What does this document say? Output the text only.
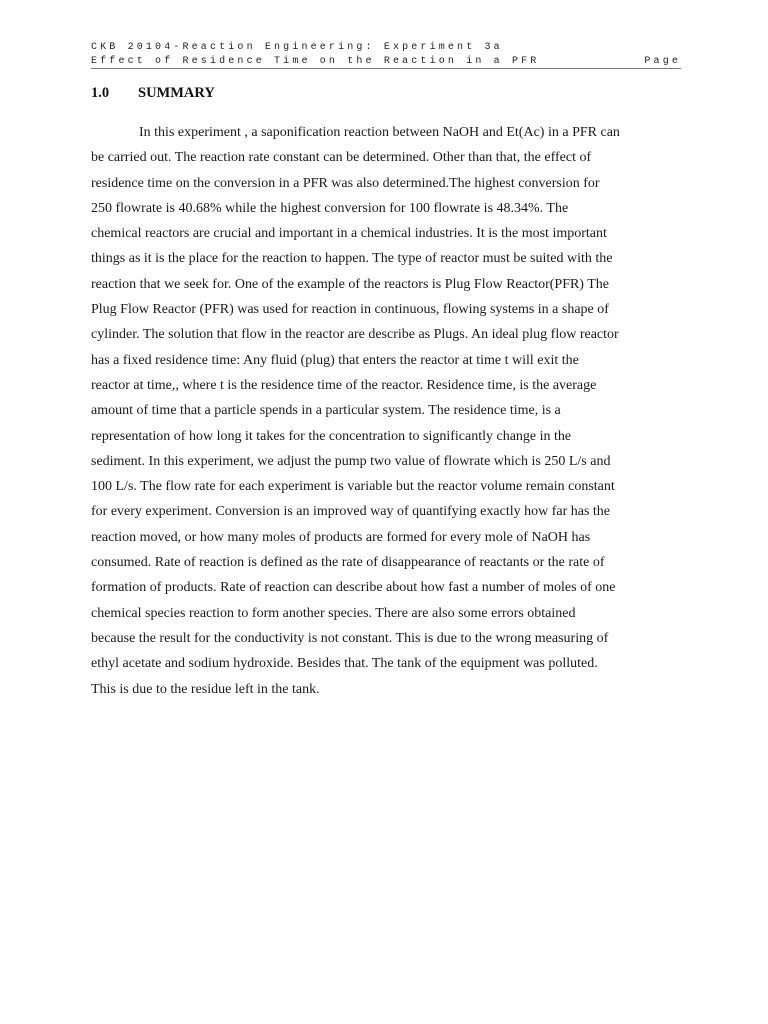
CKB 20104-Reaction Engineering: Experiment 3a
Effect of Residence Time on the Reaction in a PFR	Page
1.0 SUMMARY
In this experiment , a saponification reaction between NaOH and Et(Ac) in a PFR can
be carried out. The reaction rate constant can be determined. Other than that, the effect of
residence time on the conversion in a PFR was also determined.The highest conversion for
250 flowrate is 40.68% while the highest conversion for 100 flowrate is 48.34%. The
chemical reactors are crucial and important in a chemical industries. It is the most important
things as it is the place for the reaction to happen. The type of reactor must be suited with the
reaction that we seek for. One of the example of the reactors is Plug Flow Reactor(PFR) The
Plug Flow Reactor (PFR) was used for reaction in continuous, flowing systems in a shape of
cylinder. The solution that flow in the reactor are describe as Plugs. An ideal plug flow reactor
has a fixed residence time: Any fluid (plug) that enters the reactor at time t will exit the
reactor at time,, where t is the residence time of the reactor. Residence time, is the average
amount of time that a particle spends in a particular system. The residence time, is a
representation of how long it takes for the concentration to significantly change in the
sediment. In this experiment, we adjust the pump two value of flowrate which is 250 L/s and
100 L/s. The flow rate for each experiment is variable but the reactor volume remain constant
for every experiment. Conversion is an improved way of quantifying exactly how far has the
reaction moved, or how many moles of products are formed for every mole of NaOH has
consumed. Rate of reaction is defined as the rate of disappearance of reactants or the rate of
formation of products. Rate of reaction can describe about how fast a number of moles of one
chemical species reaction to form another species. There are also some errors obtained
because the result for the conductivity is not constant. This is due to the wrong measuring of
ethyl acetate and sodium hydroxide. Besides that. The tank of the equipment was polluted.
This is due to the residue left in the tank.
